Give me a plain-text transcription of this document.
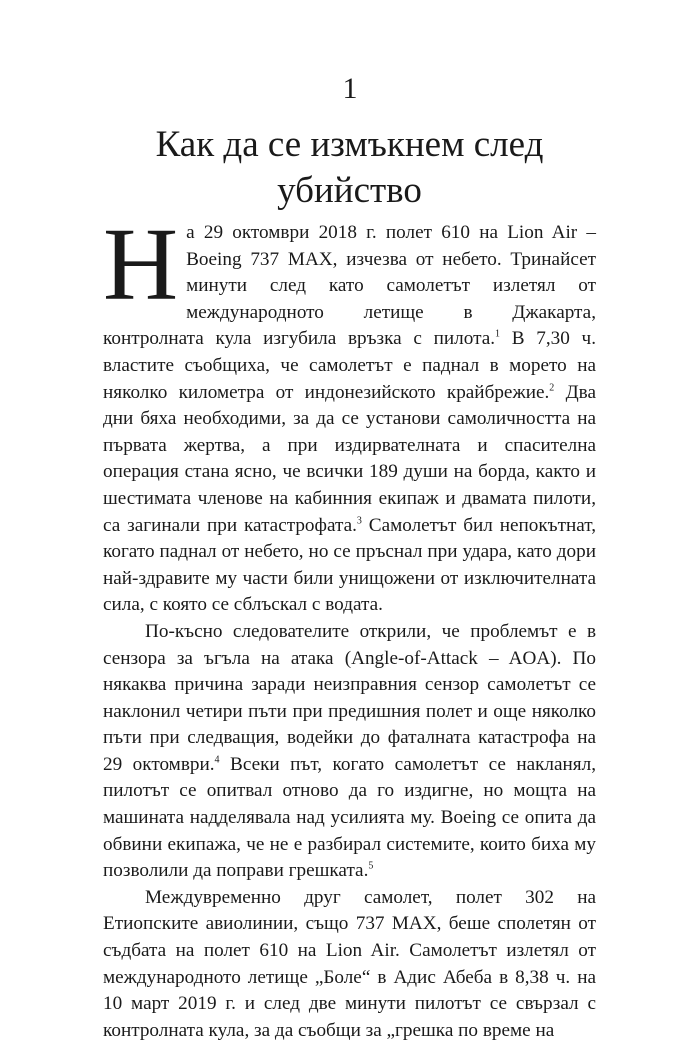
1
Как да се измъкнем след убийство

На 29 октомври 2018 г. полет 610 на Lion Air – Boeing 737 MAX, изчезва от небето. Тринайсет минути след като самолетът излетял от международното летище в Джакарта, контролната кула изгубила връзка с пилота.$^1$ В 7,30 ч. властите съобщиха, че самолетът е паднал в морето на няколко километра от индонезийското крайбрежие.$^2$ Два дни бяха необходими, за да се установи самоличността на първата жертва, а при издирвателната и спасителна операция стана ясно, че всички 189 души на борда, както и шестимата членове на кабинния екипаж и двамата пилоти, са загинали при катастрофата.$^3$ Самолетът бил непокътнат, когато паднал от небето, но се пръснал при удара, като дори най-здравите му части били унищожени от изключителната сила, с която се сблъскал с водата.

По-късно следователите открили, че проблемът е в сензора за ъгъла на атака (Angle-of-Attack – AOA). По някаква причина заради неизправния сензор самолетът се наклонил четири пъти при предишния полет и още няколко пъти при следващия, водейки до фаталната катастрофа на 29 октомври.$^4$ Всеки път, когато самолетът се накланял, пилотът се опитвал отново да го издигне, но мощта на машината надделявала над усилията му. Boeing се опита да обвини екипажа, че не е разбирал системите, които биха му позволили да поправи грешката.$^5$

Междувременно друг самолет, полет 302 на Етиопските авиолинии, също 737 MAX, беше сполетян от съдбата на полет 610 на Lion Air. Самолетът излетял от международното летище „Боле“ в Адис Абеба в 8,38 ч. на 10 март 2019 г. и след две минути пилотът се свързал с контролната кула, за да съобщи за „грешка по време на
